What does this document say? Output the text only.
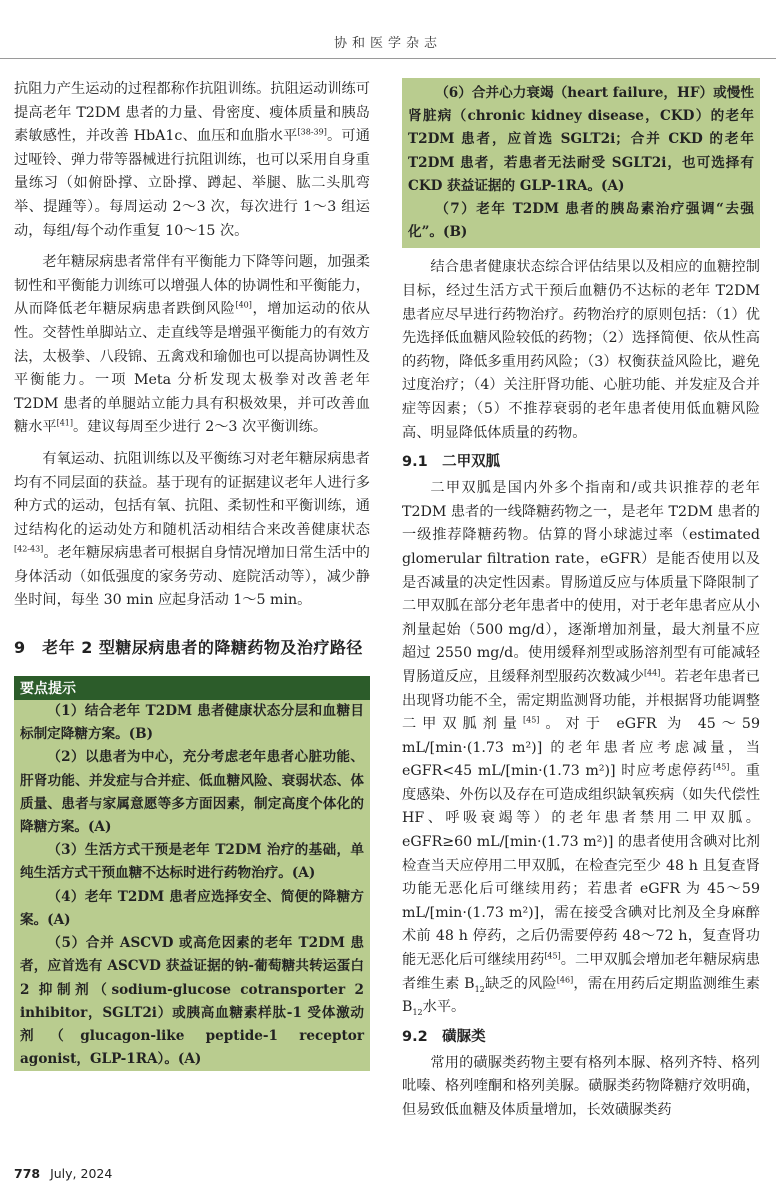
协和医学杂志

抗阻力产生运动的过程都称作抗阻训练。抗阻运动训练可提高老年 T2DM 患者的力量、骨密度、瘦体质量和胰岛素敏感性，并改善 HbA1c、血压和血脂水平[38-39]。可通过哑铃、弹力带等器械进行抗阻训练，也可以采用自身重量练习（如俯卧撑、立卧撑、蹲起、举腿、肱二头肌弯举、提踵等）。每周运动 2～3 次，每次进行 1～3 组运动，每组/每个动作重复 10～15 次。

老年糖尿病患者常伴有平衡能力下降等问题，加强柔韧性和平衡能力训练可以增强人体的协调性和平衡能力，从而降低老年糖尿病患者跌倒风险[40]，增加运动的依从性。交替性单脚站立、走直线等是增强平衡能力的有效方法，太极拳、八段锦、五禽戏和瑜伽也可以提高协调性及平衡能力。一项 Meta 分析发现太极拳对改善老年 T2DM 患者的单腿站立能力具有积极效果，并可改善血糖水平[41]。建议每周至少进行 2～3 次平衡训练。

有氧运动、抗阻训练以及平衡练习对老年糖尿病患者均有不同层面的获益。基于现有的证据建议老年人进行多种方式的运动，包括有氧、抗阻、柔韧性和平衡训练，通过结构化的运动处方和随机活动相结合来改善健康状态[42-43]。老年糖尿病患者可根据自身情况增加日常生活中的身体活动（如低强度的家务劳动、庭院活动等），减少静坐时间，每坐 30 min 应起身活动 1～5 min。

9　老年 2 型糖尿病患者的降糖药物及治疗路径
要点提示

（1）结合老年 T2DM 患者健康状态分层和血糖目标制定降糖方案。(B)

（2）以患者为中心，充分考虑老年患者心脏功能、肝肾功能、并发症与合并症、低血糖风险、衰弱状态、体质量、患者与家属意愿等多方面因素，制定高度个体化的降糖方案。(A)

（3）生活方式干预是老年 T2DM 治疗的基础，单纯生活方式干预血糖不达标时进行药物治疗。(A)

（4）老年 T2DM 患者应选择安全、简便的降糖方案。(A)

（5）合并 ASCVD 或高危因素的老年 T2DM 患者，应首选有 ASCVD 获益证据的钠-葡萄糖共转运蛋白 2 抑制剂（sodium-glucose cotransporter 2 inhibitor，SGLT2i）或胰高血糖素样肽-1 受体激动剂（glucagon-like peptide-1 receptor agonist，GLP-1RA）。(A)

（6）合并心力衰竭（heart failure，HF）或慢性肾脏病（chronic kidney disease，CKD）的老年 T2DM 患者，应首选 SGLT2i；合并 CKD 的老年 T2DM 患者，若患者无法耐受 SGLT2i，也可选择有 CKD 获益证据的 GLP-1RA。(A)

（7）老年 T2DM 患者的胰岛素治疗强调“去强化”。(B)

结合患者健康状态综合评估结果以及相应的血糖控制目标，经过生活方式干预后血糖仍不达标的老年 T2DM 患者应尽早进行药物治疗。药物治疗的原则包括：（1）优先选择低血糖风险较低的药物；（2）选择简便、依从性高的药物，降低多重用药风险；（3）权衡获益风险比，避免过度治疗；（4）关注肝肾功能、心脏功能、并发症及合并症等因素；（5）不推荐衰弱的老年患者使用低血糖风险高、明显降低体质量的药物。

9.1　二甲双胍

二甲双胍是国内外多个指南和/或共识推荐的老年 T2DM 患者的一线降糖药物之一，是老年 T2DM 患者的一级推荐降糖药物。估算的肾小球滤过率（estimated glomerular filtration rate，eGFR）是能否使用以及是否减量的决定性因素。胃肠道反应与体质量下降限制了二甲双胍在部分老年患者中的使用，对于老年患者应从小剂量起始（500 mg/d），逐渐增加剂量，最大剂量不应超过 2550 mg/d。使用缓释剂型或肠溶剂型有可能减轻胃肠道反应，且缓释剂型服药次数减少[44]。若老年患者已出现肾功能不全，需定期监测肾功能，并根据肾功能调整二甲双胍剂量[45]。对于 eGFR 为 45～59 mL/[min·(1.73 m²)] 的老年患者应考虑减量，当 eGFR<45 mL/[min·(1.73 m²)] 时应考虑停药[45]。重度感染、外伤以及存在可造成组织缺氧疾病（如失代偿性 HF、呼吸衰竭等）的老年患者禁用二甲双胍。eGFR≥60 mL/[min·(1.73 m²)] 的患者使用含碘对比剂检查当天应停用二甲双胍，在检查完至少 48 h 且复查肾功能无恶化后可继续用药；若患者 eGFR 为 45～59 mL/[min·(1.73 m²)]，需在接受含碘对比剂及全身麻醉术前 48 h 停药，之后仍需要停药 48～72 h，复查肾功能无恶化后可继续用药[45]。二甲双胍会增加老年糖尿病患者维生素 $B_{12}$缺乏的风险[46]，需在用药后定期监测维生素 $B_{12}$水平。

9.2　磺脲类

常用的磺脲类药物主要有格列本脲、格列齐特、格列吡嗪、格列喹酮和格列美脲。磺脲类药物降糖疗效明确，但易致低血糖及体质量增加，长效磺脲类药

778 July, 2024
